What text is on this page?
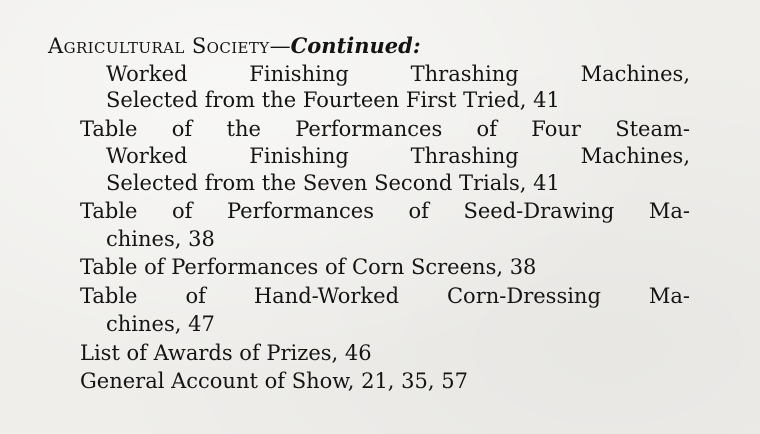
Agricultural Society—Continued:
Worked Finishing Thrashing Machines,
Selected from the Fourteen First Tried, 41
Table of the Performances of Four Steam-
Worked Finishing Thrashing Machines,
Selected from the Seven Second Trials, 41
Table of Performances of Seed-Drawing Ma-
chines, 38
Table of Performances of Corn Screens, 38
Table of Hand-Worked Corn-Dressing Ma-
chines, 47
List of Awards of Prizes, 46
General Account of Show, 21, 35, 57
